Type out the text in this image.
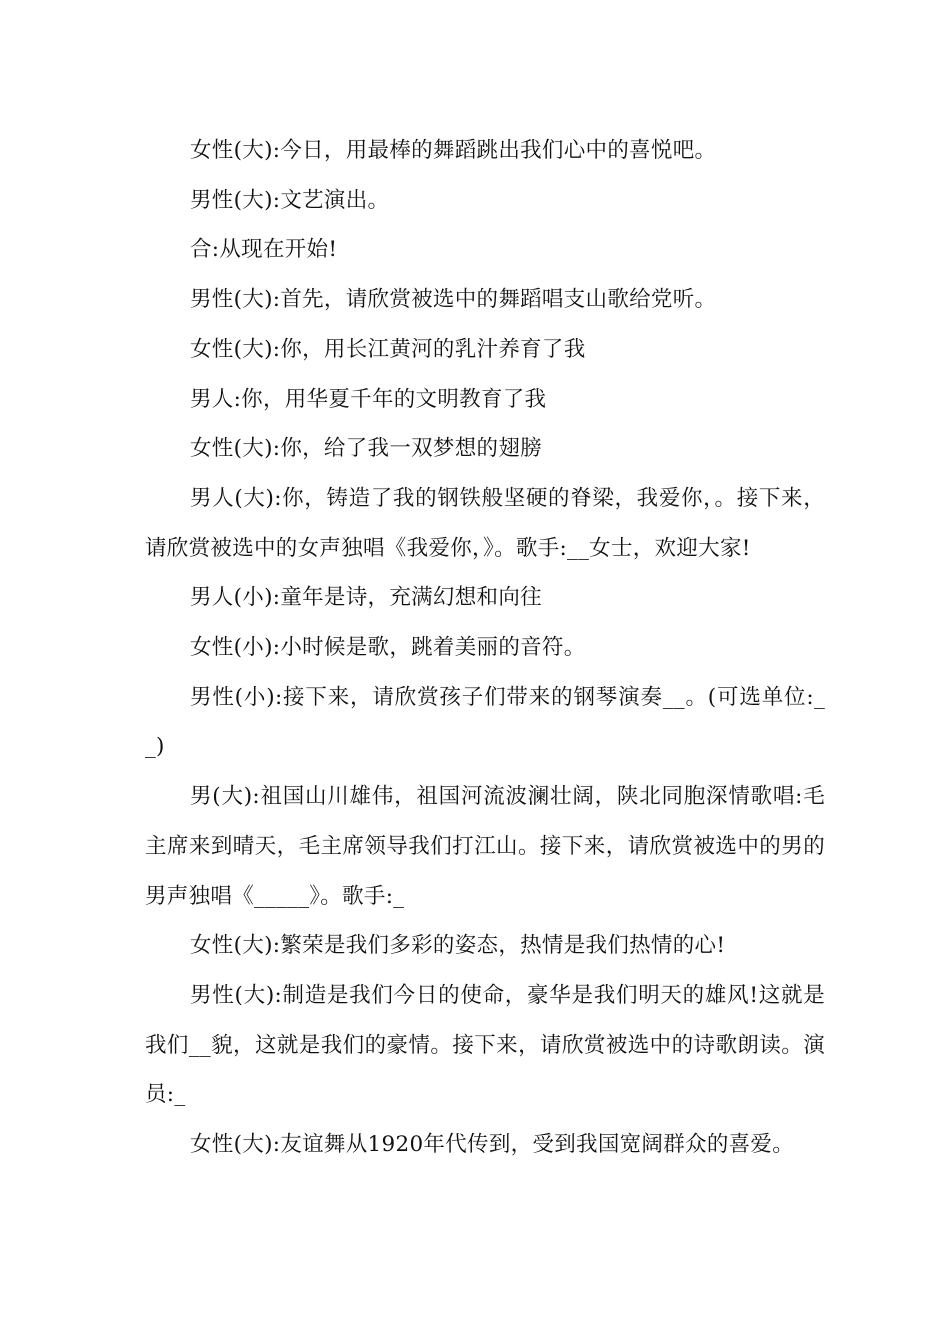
女性(大):今日，用最棒的舞蹈跳出我们心中的喜悦吧。

男性(大):文艺演出。

合:从现在开始!

男性(大):首先，请欣赏被选中的舞蹈唱支山歌给党听。

女性(大):你，用长江黄河的乳汁养育了我

男人:你，用华夏千年的文明教育了我

女性(大):你，给了我一双梦想的翅膀

男人(大):你，铸造了我的钢铁般坚硬的脊梁，我爱你，。接下来，请欣赏被选中的女声独唱《我爱你，》。歌手:__女士，欢迎大家!

男人(小):童年是诗，充满幻想和向往

女性(小):小时候是歌，跳着美丽的音符。

男性(小):接下来，请欣赏孩子们带来的钢琴演奏__。(可选单位:__)

男(大):祖国山川雄伟，祖国河流波澜壮阔，陕北同胞深情歌唱:毛主席来到晴天，毛主席领导我们打江山。接下来，请欣赏被选中的男的男声独唱《_____》。歌手:_

女性(大):繁荣是我们多彩的姿态，热情是我们热情的心!

男性(大):制造是我们今日的使命，豪华是我们明天的雄风!这就是我们__貌，这就是我们的豪情。接下来，请欣赏被选中的诗歌朗读。演员:_

女性(大):友谊舞从1920年代传到，受到我国宽阔群众的喜爱。
